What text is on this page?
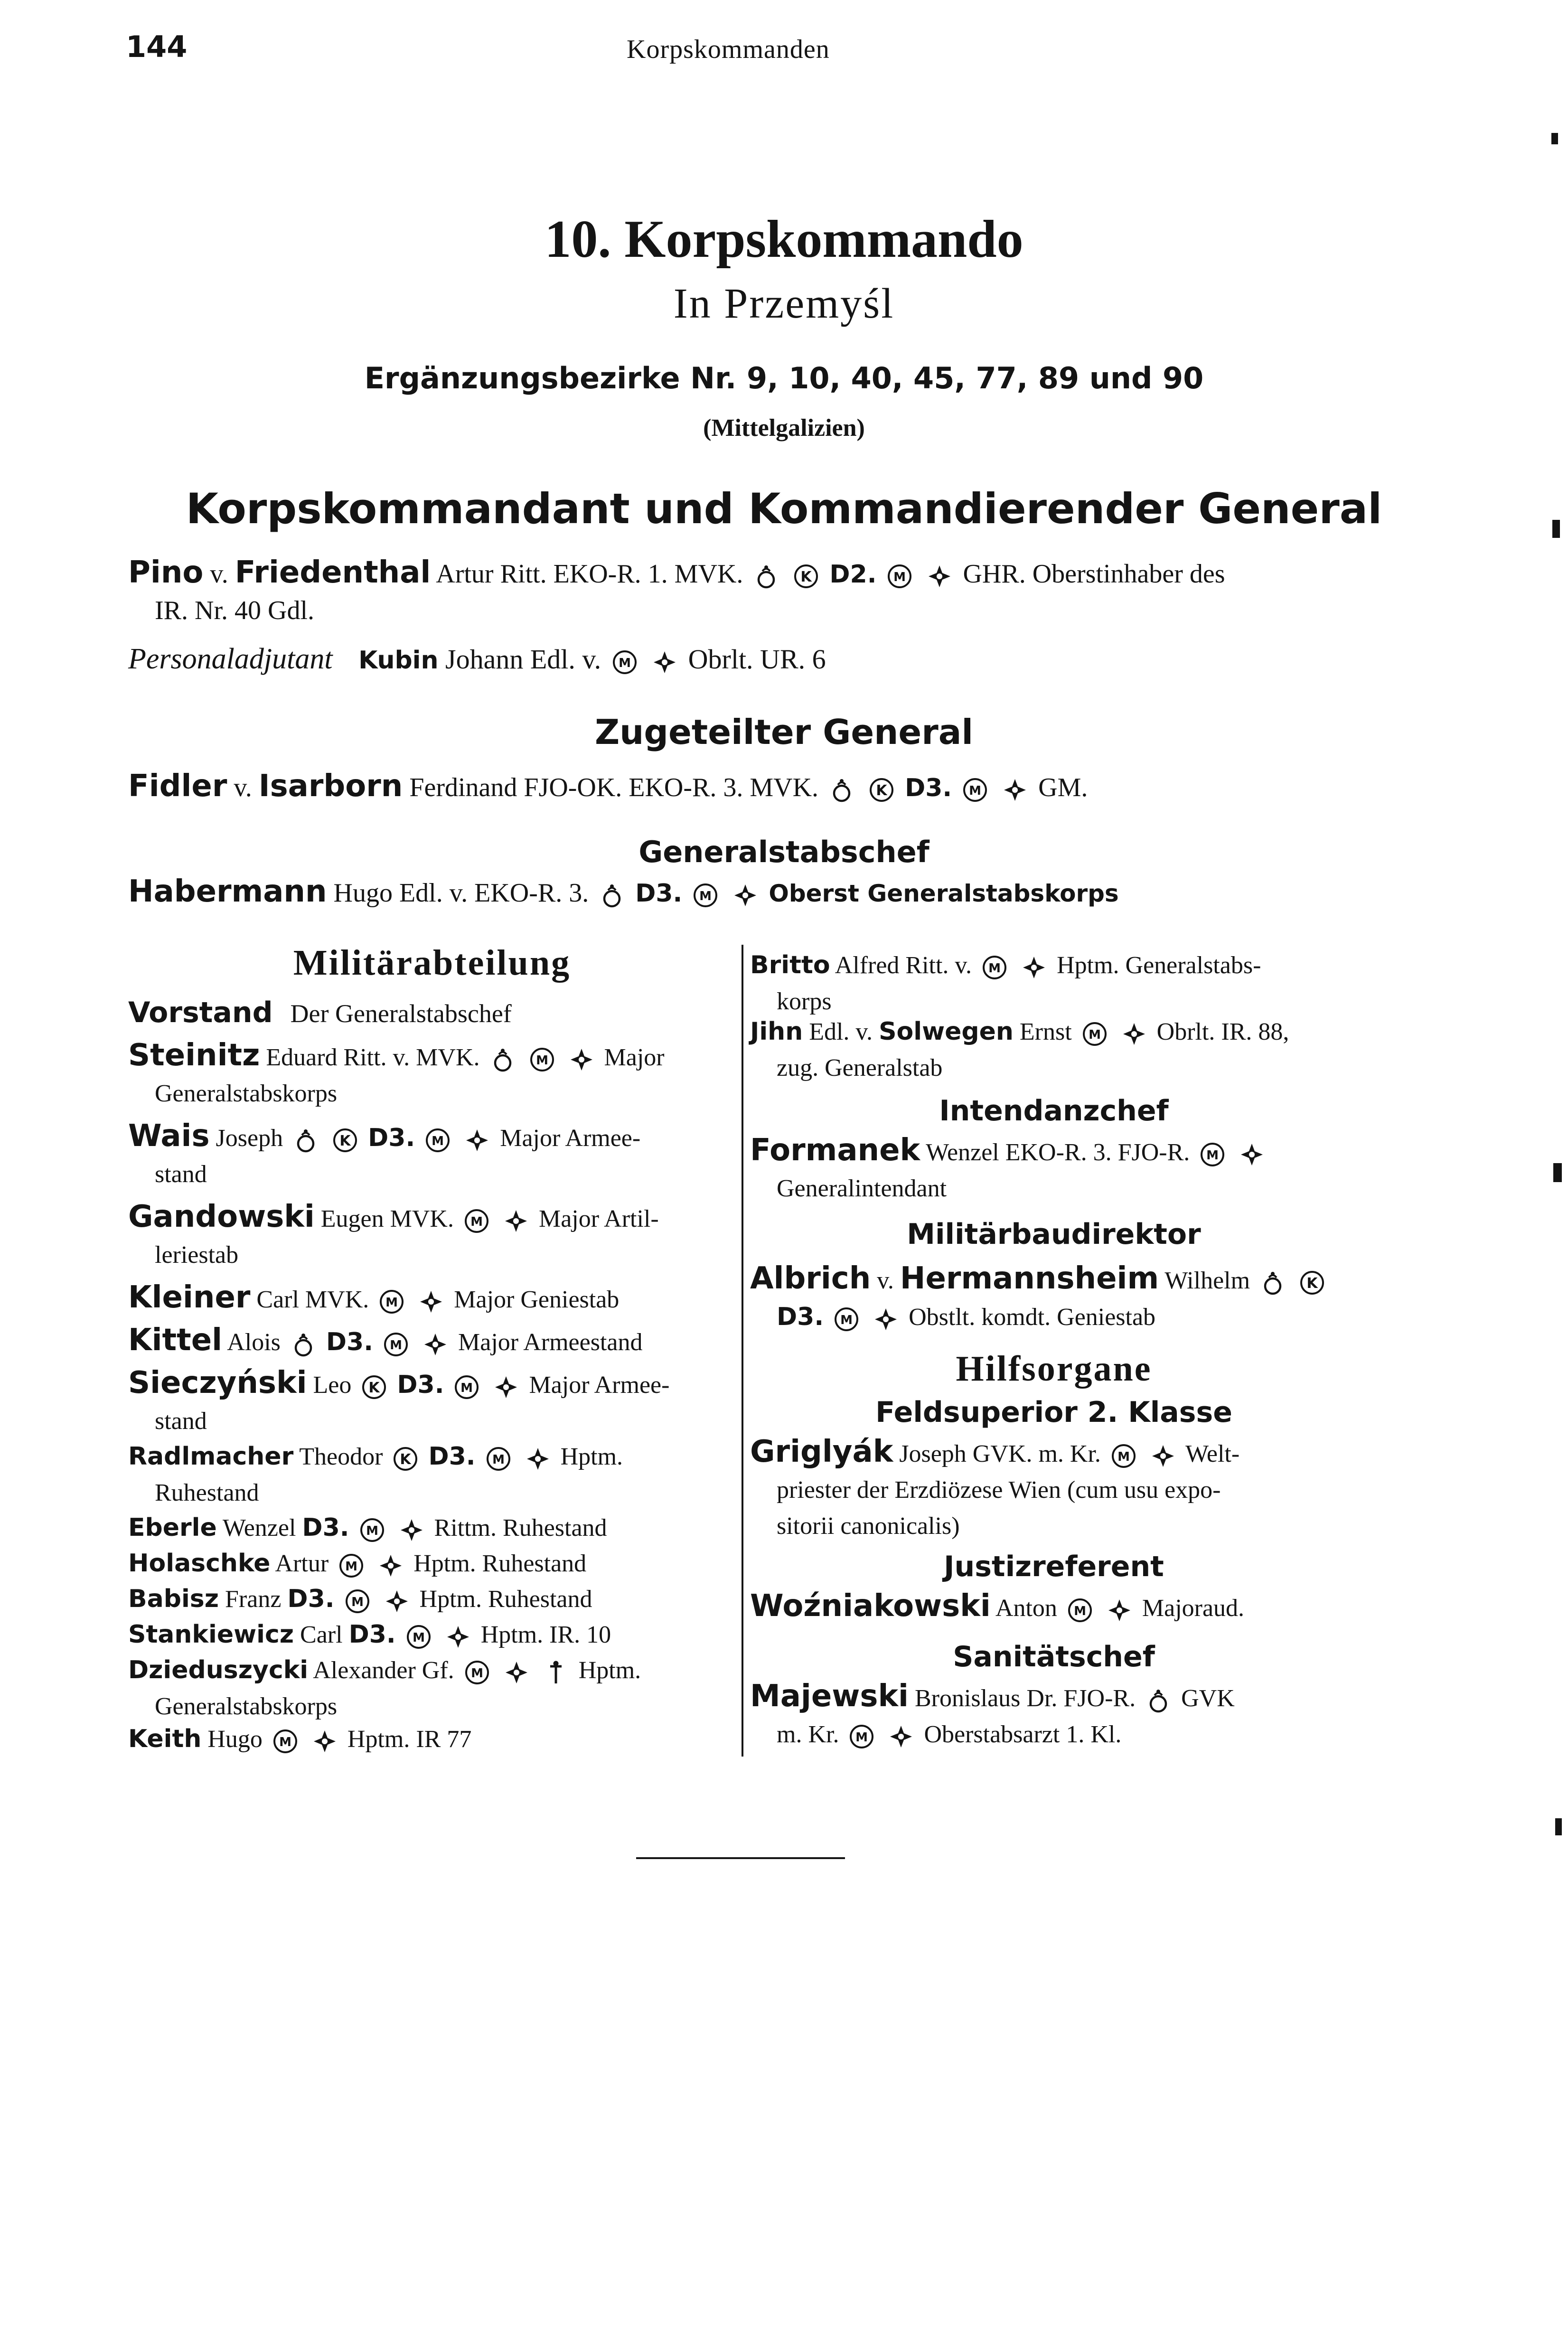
144	Korpskommanden
10. Korpskommando
In Przemyśl
Ergänzungsbezirke Nr. 9, 10, 40, 45, 77, 89 und 90
(Mittelgalizien)
Korpskommandant und Kommandierender General
Pino v. Friedenthal Artur Ritt. EKO-R. 1. MVK.	D2.	GHR. Oberstinhaber des
IR. Nr. 40 Gdl.
Personaladjutant Kubin Johann Edl. v.	Obrlt. UR. 6
Zugeteilter General
Fidler v. Isarborn Ferdinand FJO-OK. EKO-R. 3. MVK.	D3.	GM.
Generalstabschef
Habermann Hugo Edl. v. EKO-R. 3. D3.	Oberst Generalstabskorps
Militärabteilung
Vorstand Der Generalstabschef
Steinitz Eduard Ritt. v. MVK.	Major
Generalstabskorps
Wais Joseph	D3.	Major Armee-
stand
Gandowski Eugen MVK.	Major Artil-
leriestab
Kleiner Carl MVK.	Major Geniestab
Kittel Alois D3.	Major Armeestand
Sieczyński Leo D3.	Major Armee-
stand
Radlmacher Theodor D3.	Hptm.
Ruhestand
Eberle Wenzel D3.	Rittm. Ruhestand
Holaschke Artur	Hptm. Ruhestand
Babisz Franz D3.	Hptm. Ruhestand
Stankiewicz Carl D3.	Hptm. IR. 10
Dzieduszycki Alexander Gf.	Hptm.
Generalstabskorps
Keith Hugo	Hptm. IR 77
Britto Alfred Ritt. v.	Hptm. Generalstabs-
korps
Jihn Edl. v. Solwegen Ernst	Obrlt. IR. 88,
zug. Generalstab
Intendanzchef
Formanek Wenzel EKO-R. 3. FJO-R.
Generalintendant
Militärbaudirektor
Albrich v. Hermannsheim Wilhelm
D3.	Obstlt. komdt. Geniestab
Hilfsorgane
Feldsuperior 2. Klasse
Griglyák Joseph GVK. m. Kr.	Welt-
priester der Erzdiözese Wien (cum usu expo-
sitorii canonicalis)
Justizreferent
Woźniakowski Anton	Majoraud.
Sanitätschef
Majewski Bronislaus Dr. FJO-R. GVK
m. Kr.	Oberstabsarzt 1. Kl.
